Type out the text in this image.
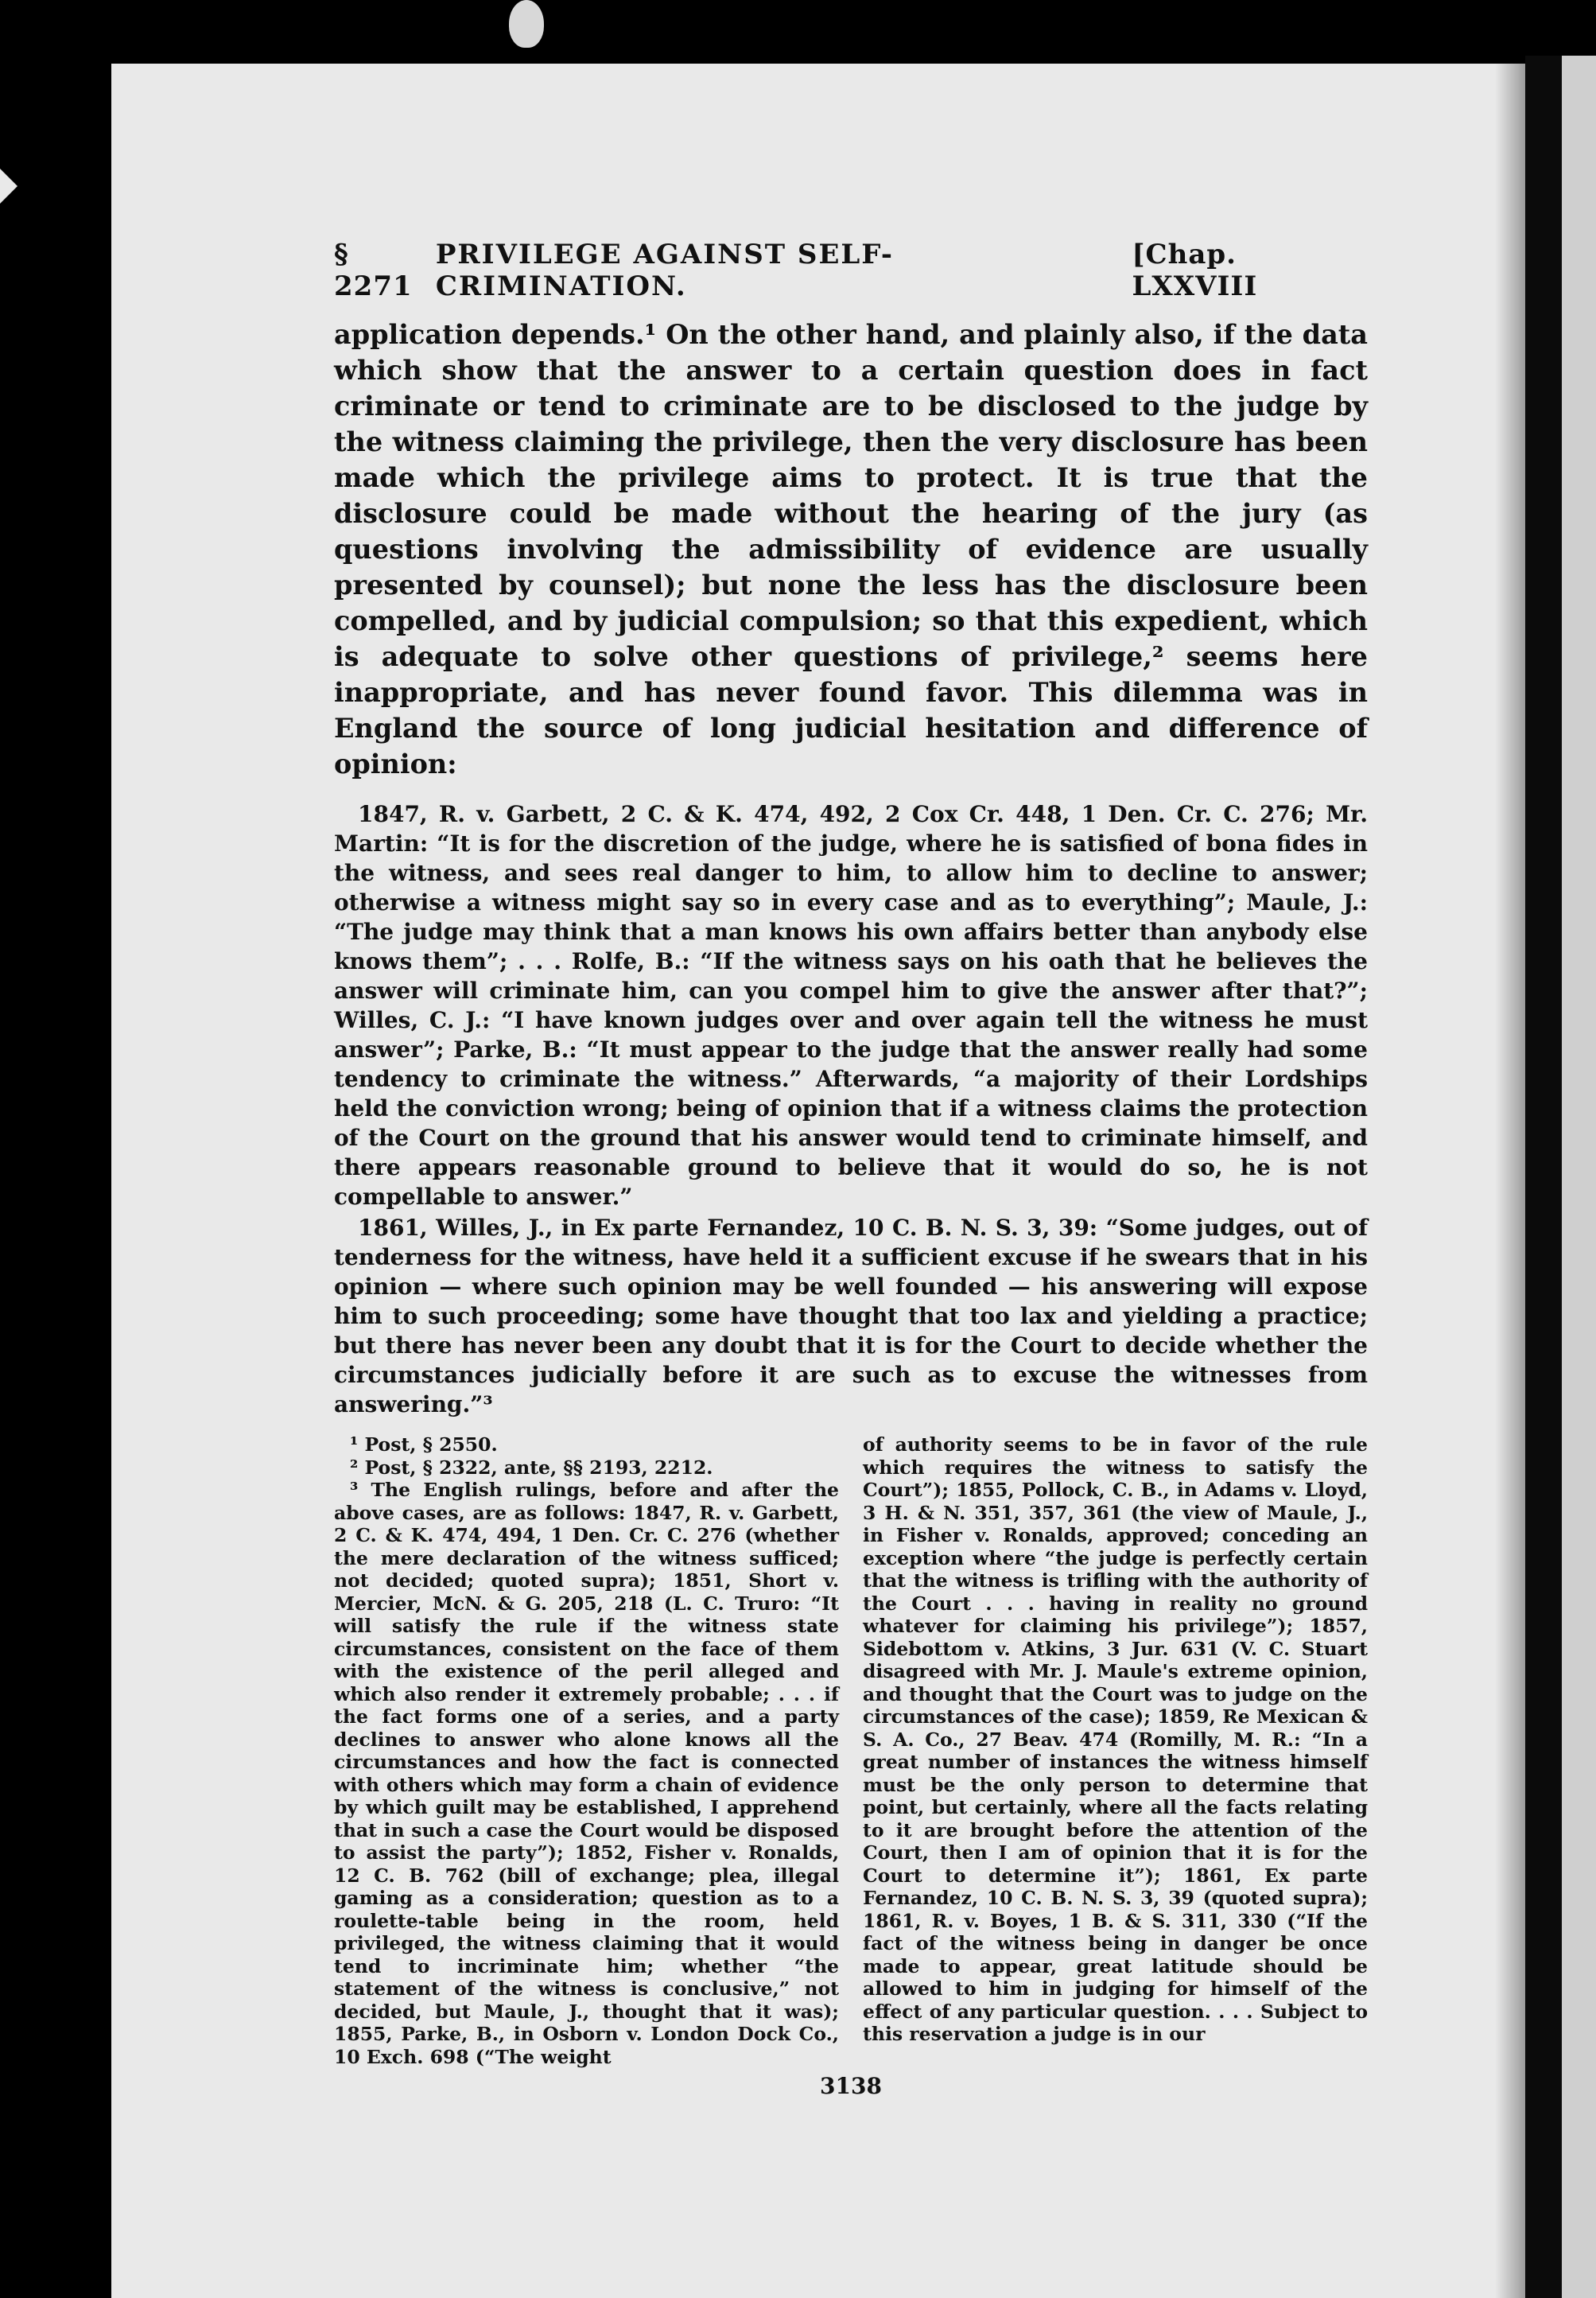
§ 2271
PRIVILEGE AGAINST SELF-CRIMINATION.
[Chap. LXXVIII

application depends.¹ On the other hand, and plainly also, if the data which show that the answer to a certain question does in fact criminate or tend to criminate are to be disclosed to the judge by the witness claiming the privilege, then the very disclosure has been made which the privilege aims to protect. It is true that the disclosure could be made without the hearing of the jury (as questions involving the admissibility of evidence are usually presented by counsel); but none the less has the disclosure been compelled, and by judicial compulsion; so that this expedient, which is adequate to solve other questions of privilege,² seems here inappropriate, and has never found favor. This dilemma was in England the source of long judicial hesitation and difference of opinion:

1847, R. v. Garbett, 2 C. & K. 474, 492, 2 Cox Cr. 448, 1 Den. Cr. C. 276; Mr. Martin: “It is for the discretion of the judge, where he is satisfied of bona fides in the witness, and sees real danger to him, to allow him to decline to answer; otherwise a witness might say so in every case and as to everything”; Maule, J.: “The judge may think that a man knows his own affairs better than anybody else knows them”; . . . Rolfe, B.: “If the witness says on his oath that he believes the answer will criminate him, can you compel him to give the answer after that?”; Willes, C. J.: “I have known judges over and over again tell the witness he must answer”; Parke, B.: “It must appear to the judge that the answer really had some tendency to criminate the witness.” Afterwards, “a majority of their Lordships held the conviction wrong; being of opinion that if a witness claims the protection of the Court on the ground that his answer would tend to criminate himself, and there appears reasonable ground to believe that it would do so, he is not compellable to answer.”

1861, Willes, J., in Ex parte Fernandez, 10 C. B. N. S. 3, 39: “Some judges, out of tenderness for the witness, have held it a sufficient excuse if he swears that in his opinion — where such opinion may be well founded — his answering will expose him to such proceeding; some have thought that too lax and yielding a practice; but there has never been any doubt that it is for the Court to decide whether the circumstances judicially before it are such as to excuse the witnesses from answering.”³

¹ Post, § 2550.

² Post, § 2322, ante, §§ 2193, 2212.

³ The English rulings, before and after the above cases, are as follows: 1847, R. v. Garbett, 2 C. & K. 474, 494, 1 Den. Cr. C. 276 (whether the mere declaration of the witness sufficed; not decided; quoted supra); 1851, Short v. Mercier, McN. & G. 205, 218 (L. C. Truro: “It will satisfy the rule if the witness state circumstances, consistent on the face of them with the existence of the peril alleged and which also render it extremely probable; . . . if the fact forms one of a series, and a party declines to answer who alone knows all the circumstances and how the fact is connected with others which may form a chain of evidence by which guilt may be established, I apprehend that in such a case the Court would be disposed to assist the party”); 1852, Fisher v. Ronalds, 12 C. B. 762 (bill of exchange; plea, illegal gaming as a consideration; question as to a roulette-table being in the room, held privileged, the witness claiming that it would tend to incriminate him; whether “the statement of the witness is conclusive,” not decided, but Maule, J., thought that it was); 1855, Parke, B., in Osborn v. London Dock Co., 10 Exch. 698 (“The weight

of authority seems to be in favor of the rule which requires the witness to satisfy the Court”); 1855, Pollock, C. B., in Adams v. Lloyd, 3 H. & N. 351, 357, 361 (the view of Maule, J., in Fisher v. Ronalds, approved; conceding an exception where “the judge is perfectly certain that the witness is trifling with the authority of the Court . . . having in reality no ground whatever for claiming his privilege”); 1857, Sidebottom v. Atkins, 3 Jur. 631 (V. C. Stuart disagreed with Mr. J. Maule's extreme opinion, and thought that the Court was to judge on the circumstances of the case); 1859, Re Mexican & S. A. Co., 27 Beav. 474 (Romilly, M. R.: “In a great number of instances the witness himself must be the only person to determine that point, but certainly, where all the facts relating to it are brought before the attention of the Court, then I am of opinion that it is for the Court to determine it”); 1861, Ex parte Fernandez, 10 C. B. N. S. 3, 39 (quoted supra); 1861, R. v. Boyes, 1 B. & S. 311, 330 (“If the fact of the witness being in danger be once made to appear, great latitude should be allowed to him in judging for himself of the effect of any particular question. . . . Subject to this reservation a judge is in our

3138
